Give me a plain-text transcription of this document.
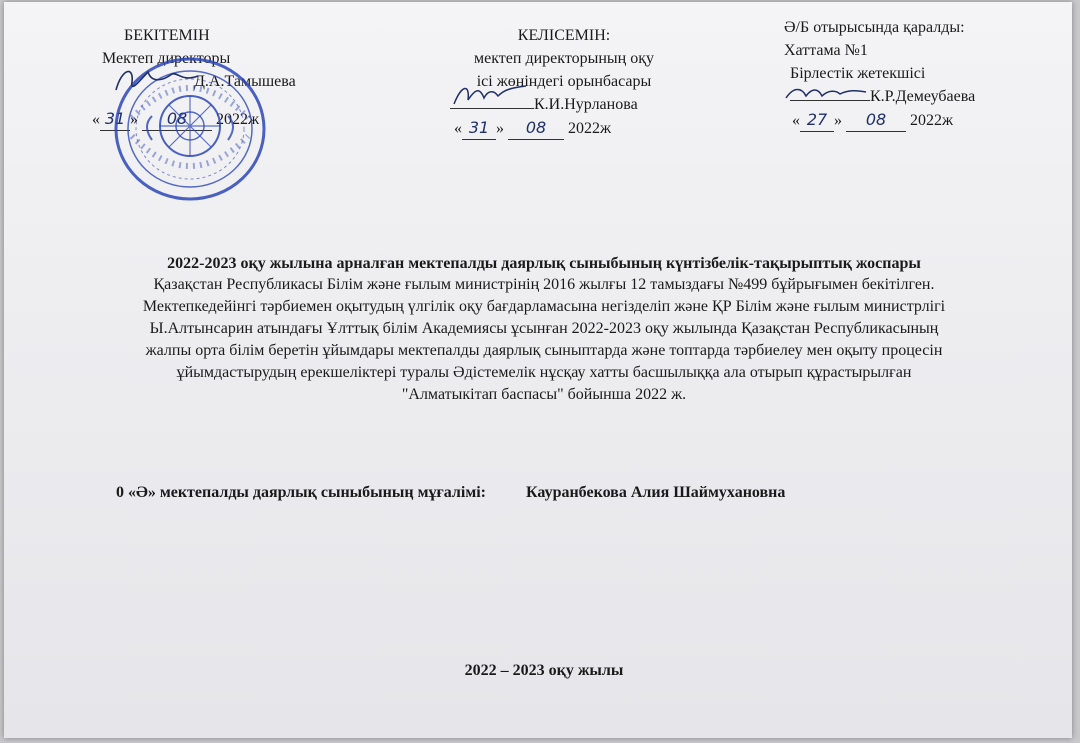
БЕКІТЕМІН
Мектеп директоры
Д.А.Тамышева
« 31 » 08 2022ж
КЕЛІСЕМІН:
мектеп директорының оқу
ісі жөніндегі орынбасары
К.И.Нурланова
« 31 » 08 2022ж
Ә/Б отырысында қаралды:
Хаттама №1
Бірлестік жетекшісі
К.Р.Демеубаева
« 27 » 08 2022ж
2022-2023 оқу жылына арналған мектепалды даярлық сыныбының күнтізбелік-тақырыптық жоспары
Қазақстан Республикасы Білім және ғылым министрінің 2016 жылғы 12 тамыздағы №499 бұйрығымен бекітілген.
Мектепкедейінгі тәрбиемен оқытудың үлгілік оқу бағдарламасына негізделіп және ҚР Білім және ғылым министрлігі
Ы.Алтынсарин атындағы Ұлттық білім Академиясы ұсынған 2022-2023 оқу жылында Қазақстан Республикасының
жалпы орта білім беретін ұйымдары мектепалды даярлық сыныптарда және топтарда тәрбиелеу мен оқыту процесін
ұйымдастырудың ерекшеліктері туралы Әдістемелік нұсқау хатты басшылыққа ала отырып құрастырылған
"Алматыкітап баспасы" бойынша 2022 ж.
0 «Ә» мектепалды даярлық сыныбының мұғалімі:	Кауранбекова Алия Шаймухановна
2022 – 2023 оқу жылы
